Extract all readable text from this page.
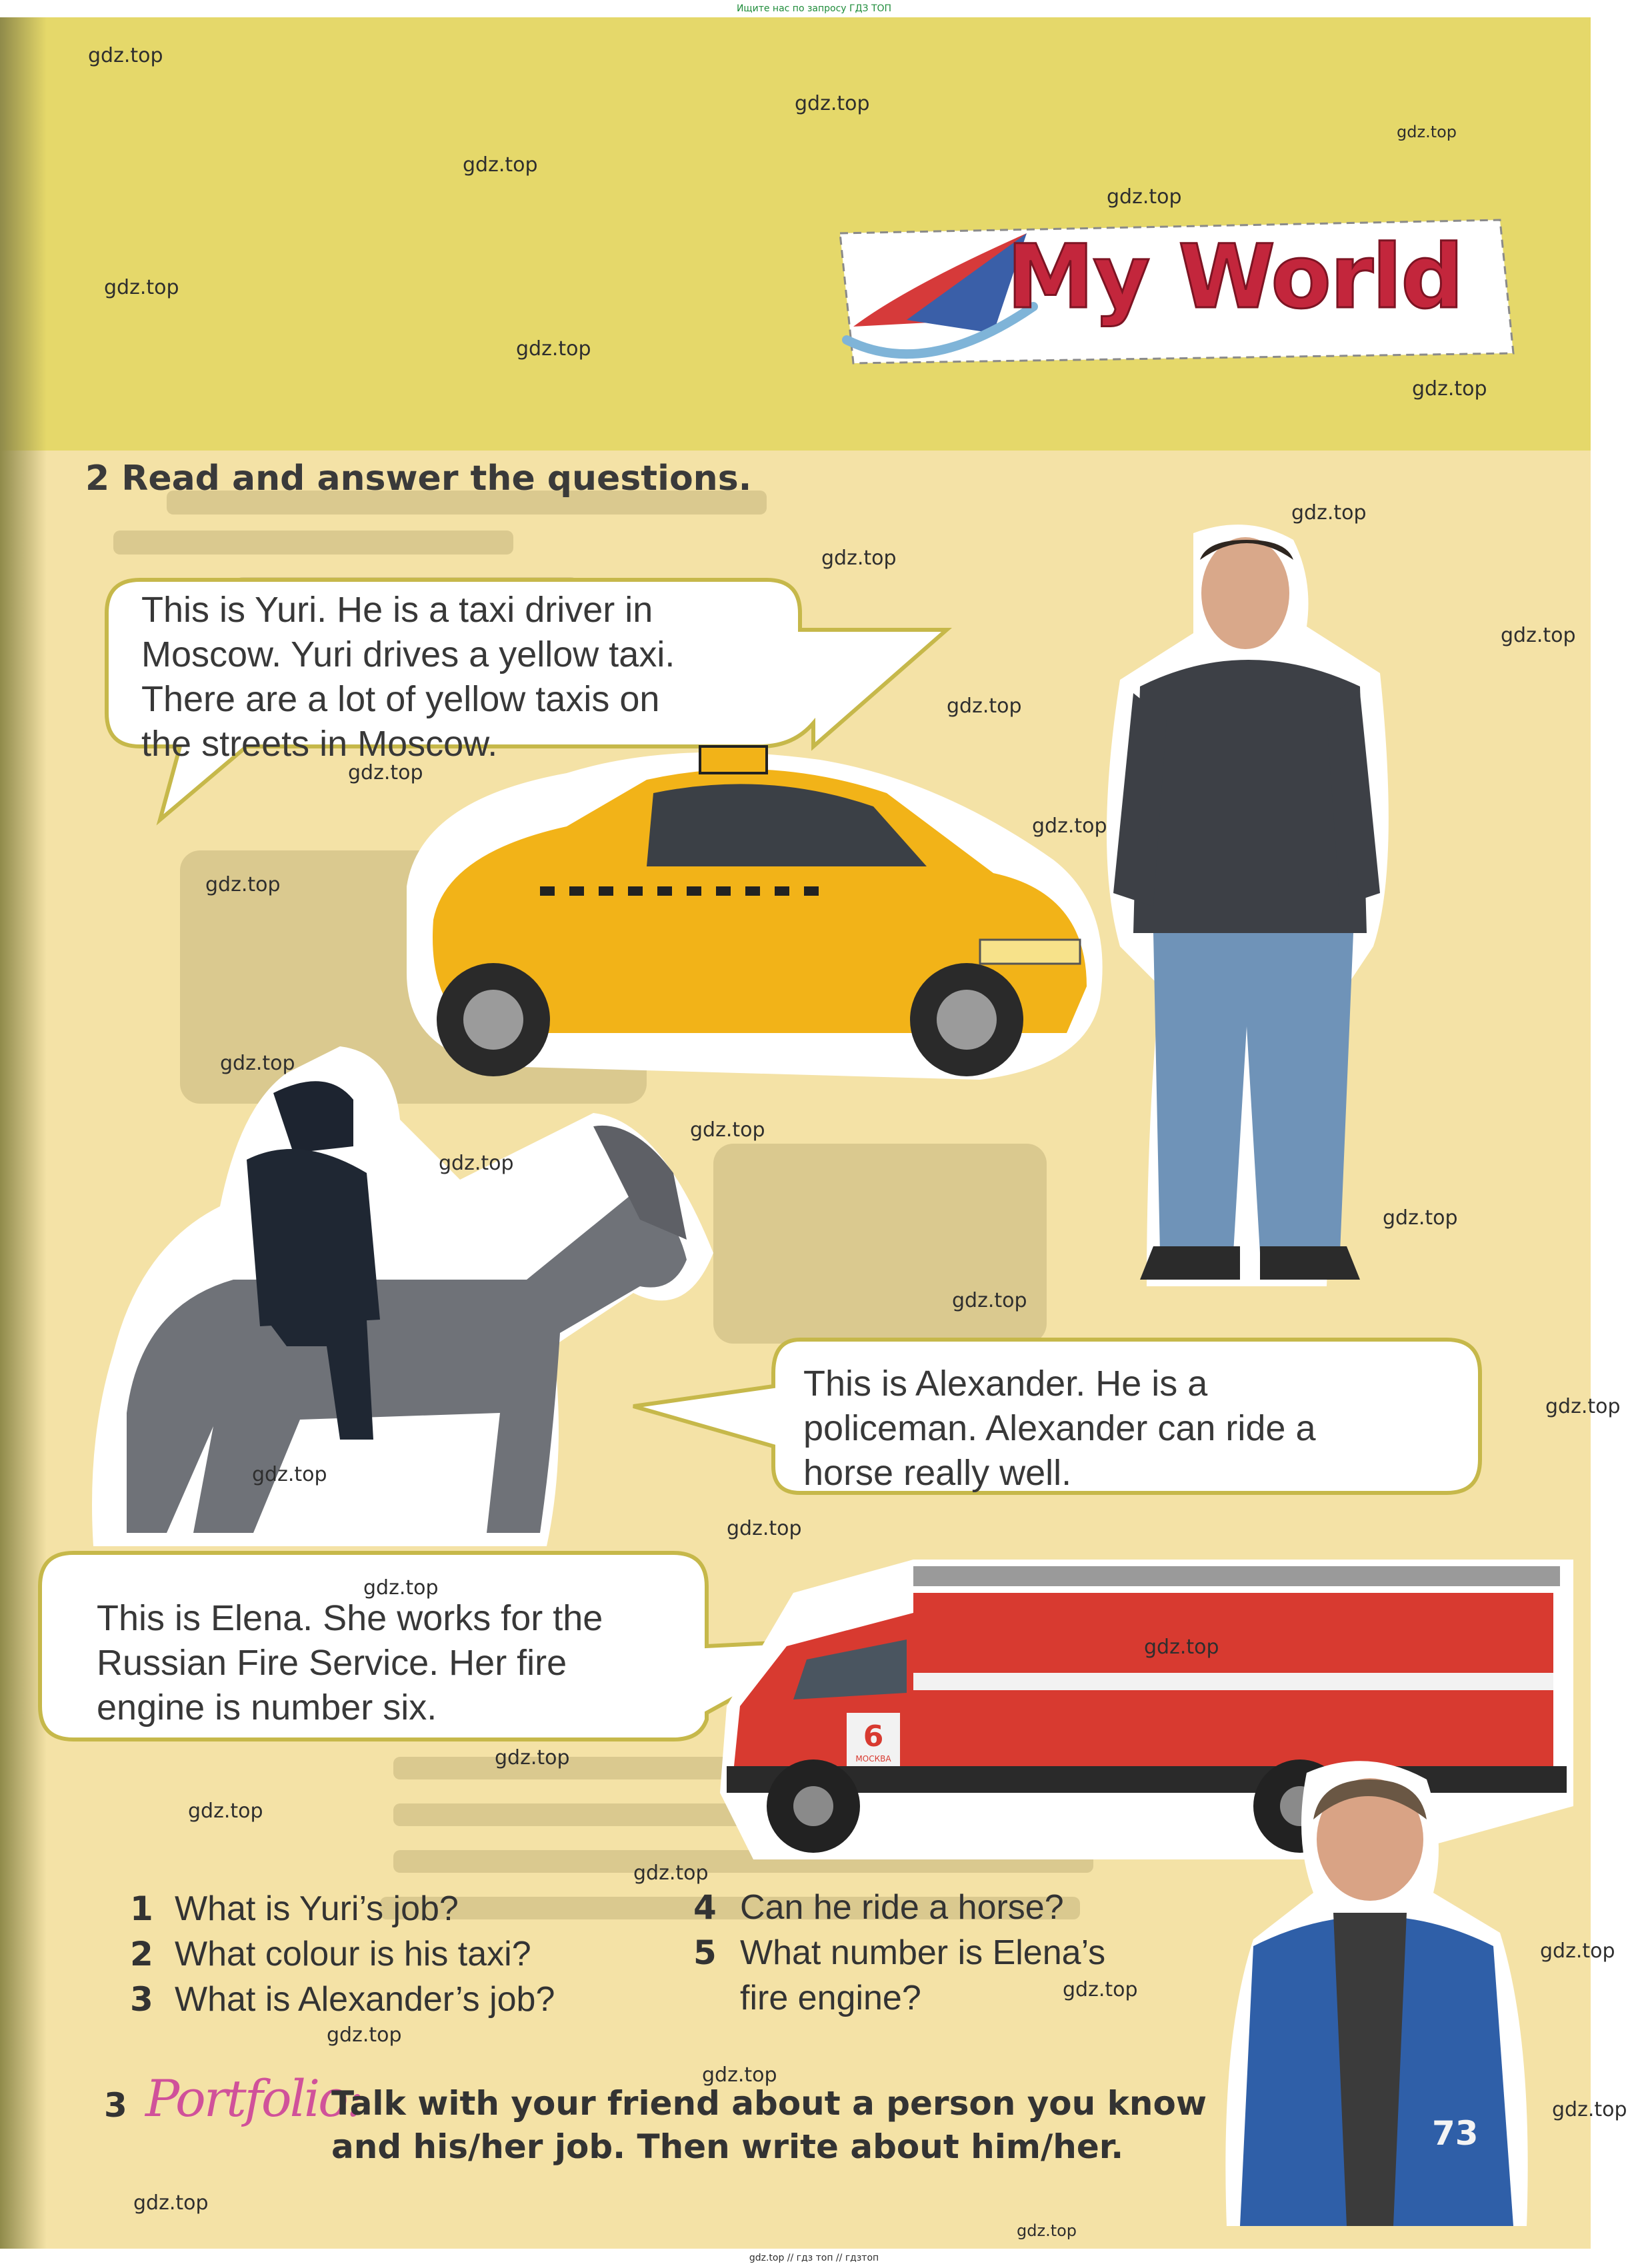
Ищите нас по запросу ГДЗ ТОП
My World
2 Read and answer the questions.
This is Yuri. He is a taxi driver in
Moscow. Yuri drives a yellow taxi.
There are a lot of yellow taxis on
the streets in Moscow.
This is Alexander. He is a
policeman. Alexander can ride a
horse really well.
This is Elena. She works for the
Russian Fire Service. Her fire
engine is number six.
6
МОСКВА
1 What is Yuri’s job?
2 What colour is his taxi?
3 What is Alexander’s job?
4 Can he ride a horse?
5 What number is Elena’s
fire engine?
3 Portfolio:
Talk with your friend about a person you know
and his/her job. Then write about him/her.	73
gdz.top
gdz.top
gdz.top
gdz.top
gdz.top
gdz.top
gdz.top
gdz.top
gdz.top
gdz.top
gdz.top
gdz.top
gdz.top
gdz.top
gdz.top
gdz.top
gdz.top
gdz.top
gdz.top
gdz.top
gdz.top
gdz.top
gdz.top
gdz.top
gdz.top
gdz.top
gdz.top
gdz.top
gdz.top
gdz.top
gdz.top
gdz.top
gdz.top
gdz.top
gdz.top
gdz.top // гдз топ // гдзтоп
